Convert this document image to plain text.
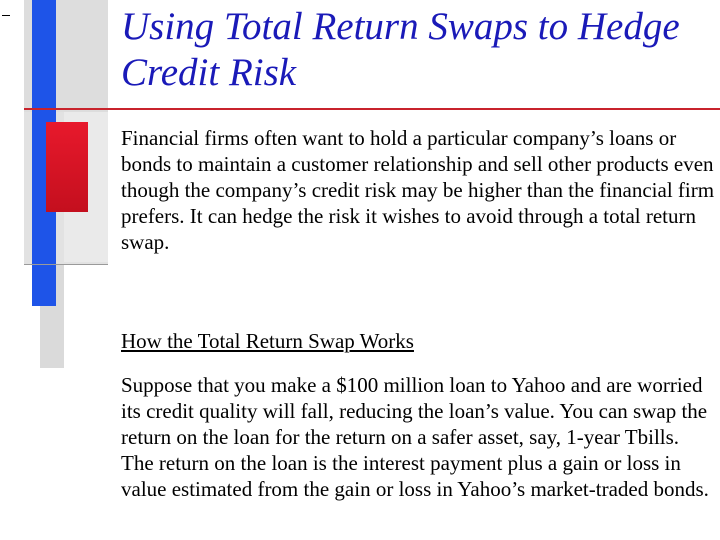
Using Total Return Swaps to Hedge Credit Risk

Financial firms often want to hold a particular company’s loans or bonds to maintain a customer relationship and sell other products even though the company’s credit risk may be higher than the financial firm prefers. It can hedge the risk it wishes to avoid through a total return swap.

How the Total Return Swap Works

Suppose that you make a $100 million loan to Yahoo and are worried its credit quality will fall, reducing the loan’s value. You can swap the return on the loan for the return on a safer asset, say, 1-year Tbills. The return on the loan is the interest payment plus a gain or loss in value estimated from the gain or loss in Yahoo’s market-traded bonds.
